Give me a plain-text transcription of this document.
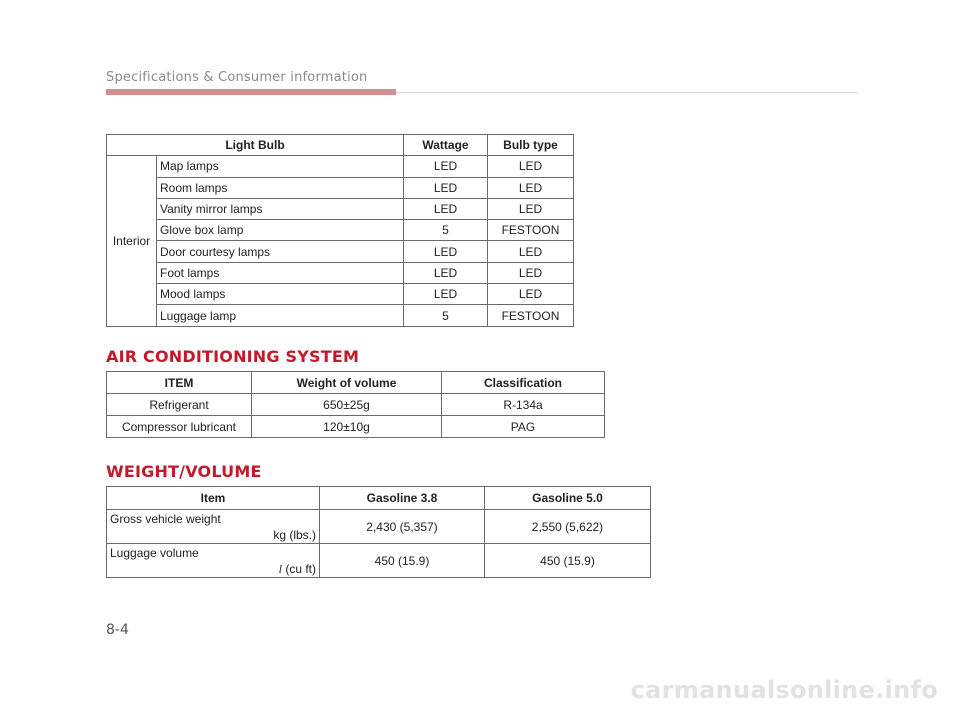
Specifications & Consumer information
Light Bulb		Wattage	Bulb type
Interior	Map lamps	LED	LED
	Room lamps	LED	LED
	Vanity mirror lamps	LED	LED
	Glove box lamp	5	FESTOON
	Door courtesy lamps	LED	LED
	Foot lamps	LED	LED
	Mood lamps	LED	LED
	Luggage lamp	5	FESTOON
AIR CONDITIONING SYSTEM
ITEM	Weight of volume	Classification
Refrigerant	650±25g	R-134a
Compressor lubricant	120±10g	PAG
WEIGHT/VOLUME
Item	Gasoline 3.8	Gasoline 5.0

Gross vehicle weight
kg (lbs.)	2,430 (5,357)	2,550 (5,622)

Luggage volume
l (cu ft)	450 (15.9)	450 (15.9)
8-4
carmanualsonline.info
